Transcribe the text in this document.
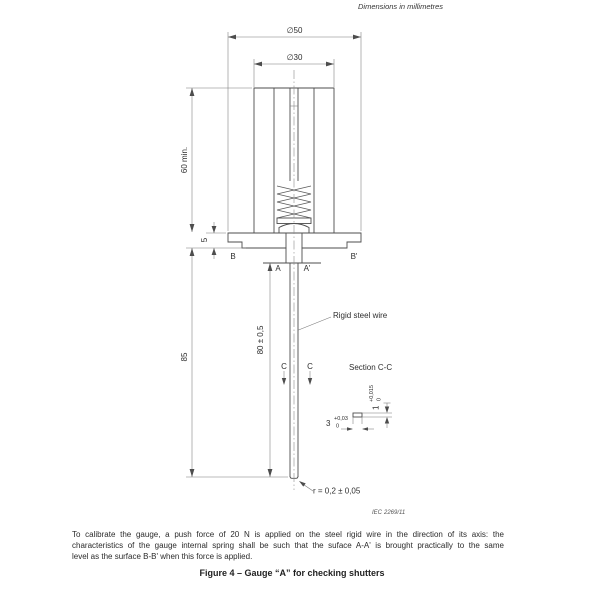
Dimensions in millimetres
∅50
∅30
60 min.
5
85
80 ± 0,5
B	B'
A	A'
C	C
Rigid steel wire
Section C-C
r = 0,2 ± 0,05
3 +0,03
0
1
+0,015 0
IEC 2269/11
To calibrate the gauge, a push force of 20 N is applied on the steel rigid wire in the direction of its axis: the
characteristics of the gauge internal spring shall be such that the suface A-A' is brought practically to the same
level as the surface B-B' when this force is applied.
Figure 4 – Gauge “A” for checking shutters
